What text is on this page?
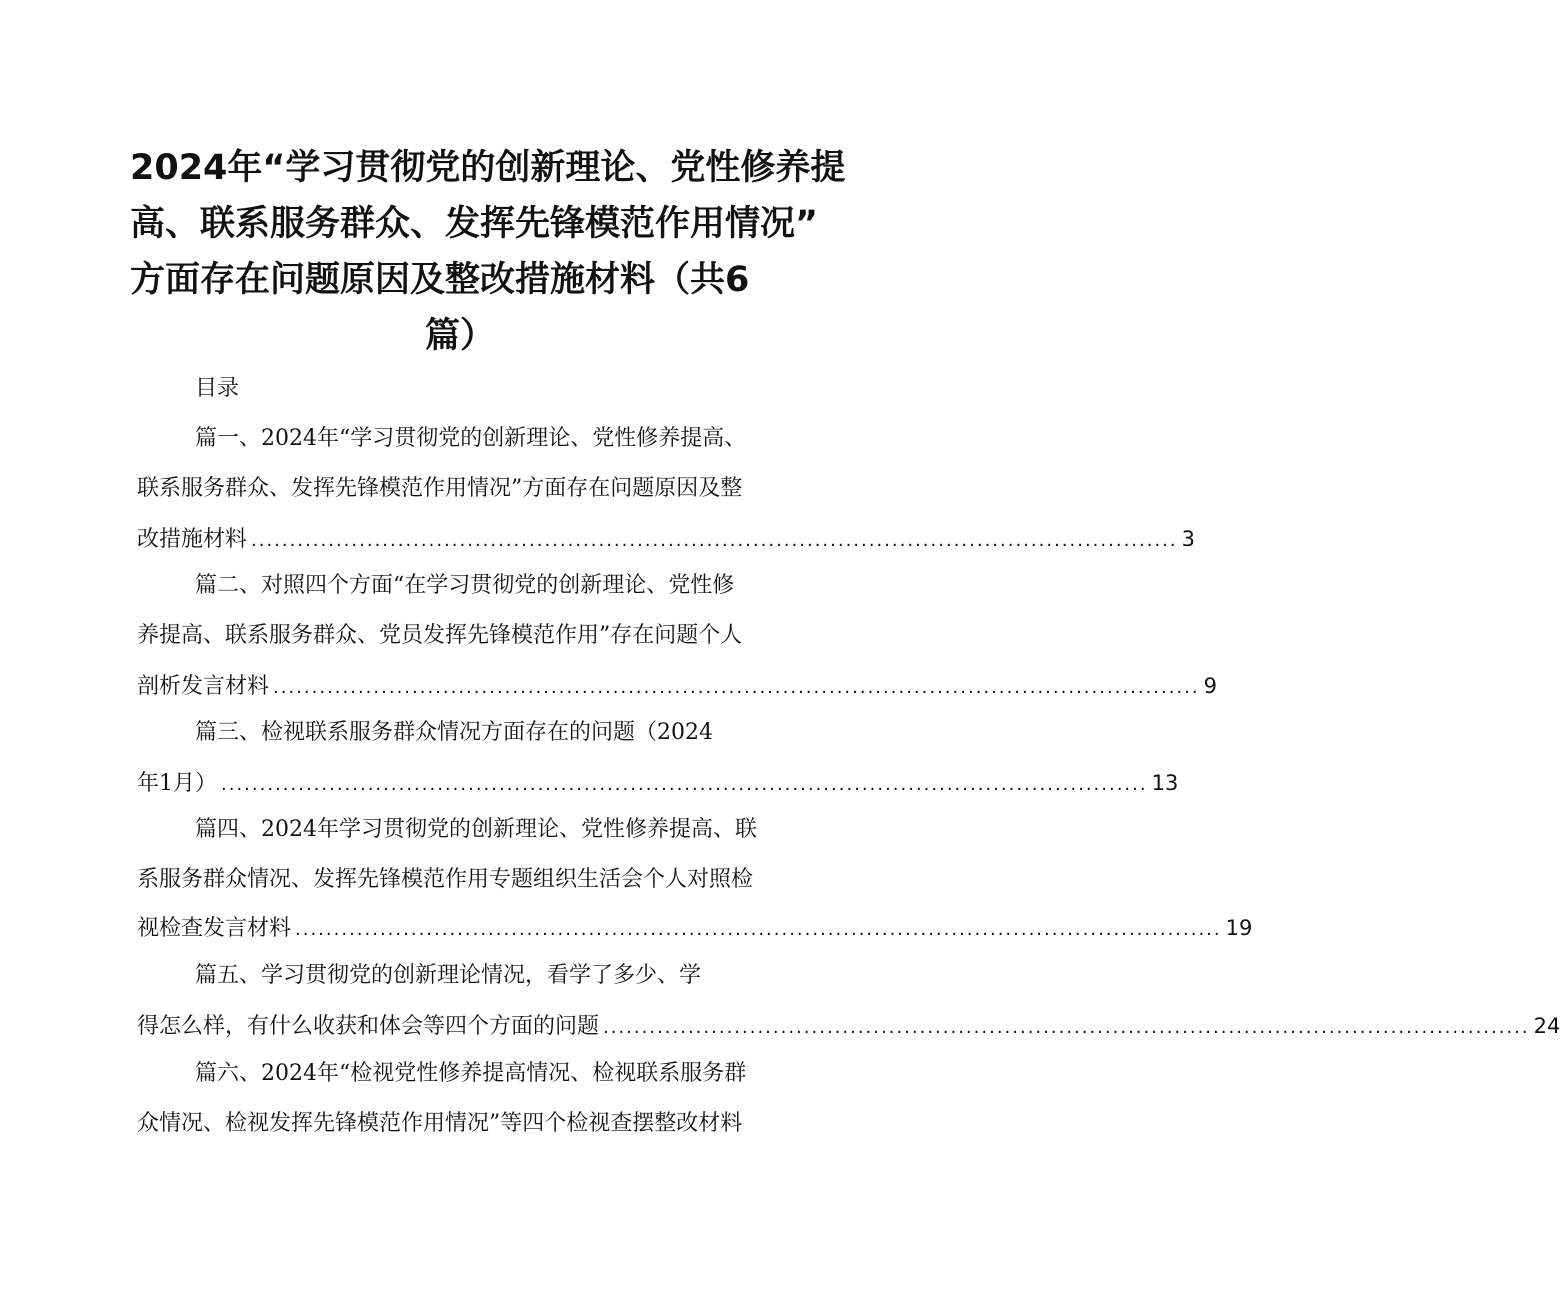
2024年“学习贯彻党的创新理论、党性修养提
高、联系服务群众、发挥先锋模范作用情况”
方面存在问题原因及整改措施材料（共6
篇）
目录
篇一、2024年“学习贯彻党的创新理论、党性修养提高、
联系服务群众、发挥先锋模范作用情况”方面存在问题原因及整
改措施材料 ........................................................................................................................ 3
篇二、对照四个方面“在学习贯彻党的创新理论、党性修
养提高、联系服务群众、党员发挥先锋模范作用”存在问题个人
剖析发言材料 ........................................................................................................................ 9
篇三、检视联系服务群众情况方面存在的问题（2024
年1月） ........................................................................................................................ 13
篇四、2024年学习贯彻党的创新理论、党性修养提高、联
系服务群众情况、发挥先锋模范作用专题组织生活会个人对照检
视检查发言材料 ........................................................................................................................ 19
篇五、学习贯彻党的创新理论情况，看学了多少、学
得怎么样，有什么收获和体会等四个方面的问题 ........................................................................................................................ 24
篇六、2024年“检视党性修养提高情况、检视联系服务群
众情况、检视发挥先锋模范作用情况”等四个检视查摆整改材料
